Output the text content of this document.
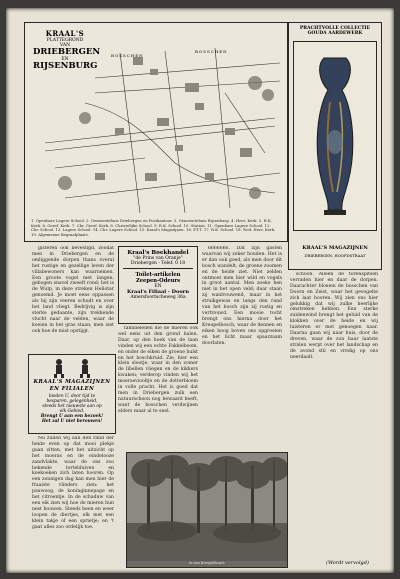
KRAAL'S
PLATTEGROND
VAN
DRIEBERGEN
EN
RIJSENBURG
BOSSCHEN
BOSSCHEN
1. Openbare Lagere School. 2. Gemeentehuis Driebergen en Postkantoor. 3. Gemeentehuis Rijsenburg. 4. Herv. Kerk. 5. R.K. Kerk. 6. Geref. Kerk. 7. Chr. Geref. Kerk. 8. Christelijke School. 9. R.K. School. 10. Station. 11. Openbare Lagere School. 12. Chr. School. 13. Lagere School. 14. Chr. Lagere School. 15. Kraal's Magazijnen. 16. P.T.T. 17. R.K. School. 18. Ned. Herv. Kerk. 19. Algemeene Begraafplaats.
PRACHTVOLLE COLLECTIE
GOUDA AARDEWERK
KRAAL'S MAGAZIJNEN
DRIEBERGEN, HOOFDSTRAAT

gisteren ook bevestigd, zoodat men in Driebergen en de omliggende dorpen thans overal het rustige en gezellige leven der villabewoners kan waarnemen. Een groote vogel met langen, gebogen snavel zweeft rond; het is de Wulp, in deze streken Heliotar genoemd. Je moet eens oppassen als hij zijn veeren schudt en over het land vliegt. Bedrijvig is zijn sterke gedaante, zijn trekkende vlucht naar de velden, waar de koeien in het gras staan; men ziet ook hoe de mist opstijgt.

KRAAL'S MAGAZIJNEN
EN FILIALEN
bieden U, door tijd te
besparen, gelegenheid,
steeds het nieuwste aan op
elk Gebied.
Brengt U aan een bezoek!
Het zal U niet berouwen!

Nu zullen wij aan den rand der heide even op dat mooi plekje gaan zitten, met het uitzicht op het moeras en de eindelooze zandvlakte, waar de ons zoo bekende tortelduiven en koekoeken zich laten hooren. Op een zonnigen dag kan men hier de fraaiste vlinders zien: het pauwoog, de koninginnepage en het citroentje. In de schaduw van een eik zien wij hoe de mieren hun nest bouwen. Steeds heen en weer loopen de diertjes, elk met een klein takje of een sprietje; en 't gaat alles zoo ordelijk toe.

Kraal's Boekhandel
"de Prins van Oranje"
Driebergen - Telef. 0 18
Toilet-artikelen
Zeepen-Odeurs
EN
Kraal's Filiaal - Doorn
Amersfoortscheweg 36a

familieleden die de mieren ook wel eens uit den grond halen. Daar, op den hoek van de laan vinden wij een echte Fakkelboom, en onder de eiken de groene hulst en het boschkruid. Zie, hier een klein slootje, waar in den zomer de libellen vliegen en de kikkers kwaken; verderop vinden wij het moerasviooltje en de dotterbloem in volle pracht. Het is goed dat men in Driebergen zulk een natuurschoon nog bewaard heeft, want de bosschen verdwijnen elders maar al te snel.

6666666. Dat zijn gasten waarvan wij zeker houden. Het is er dan ook goed, als men door dit bosch wandelt, de groene zoomen en de heide ziet. Niet zelden ontmoet men hier wild en vogels in groot aantal. Men zoeke hen niet in het open veld; daar staan zij wantrouwend, maar in het struikgewas en langs den rand van het bosch zijn zij rustig en vertrouwd. Een mooie tocht brengt ons hierna door het Kreupelbosch, waar de dennen en eiken hoog boven ons opgroeien en het licht maar spaarzaam doorlaten.

schoon. Alleen de torenspitsen verraden hier en daar de dorpen. Daarachter bloeien de bosschen van Doorn en Zeist, waar het gevogelte zich laat hooren. Wij zien ons hier gelukkig dat wij zulke heerlijke omstreken hebben. Een sterke zuidenwind brengt het geluid van de klokken over de heide en wij luisteren er met genoegen naar. Daarna gaan wij naar huis, door de dreven, waar de zon haar laatste stralen werpt over het landschap en de avond stil en vredig op ons neerdaalt.

(Wordt vervolgd)
In een Kreupelbosch
